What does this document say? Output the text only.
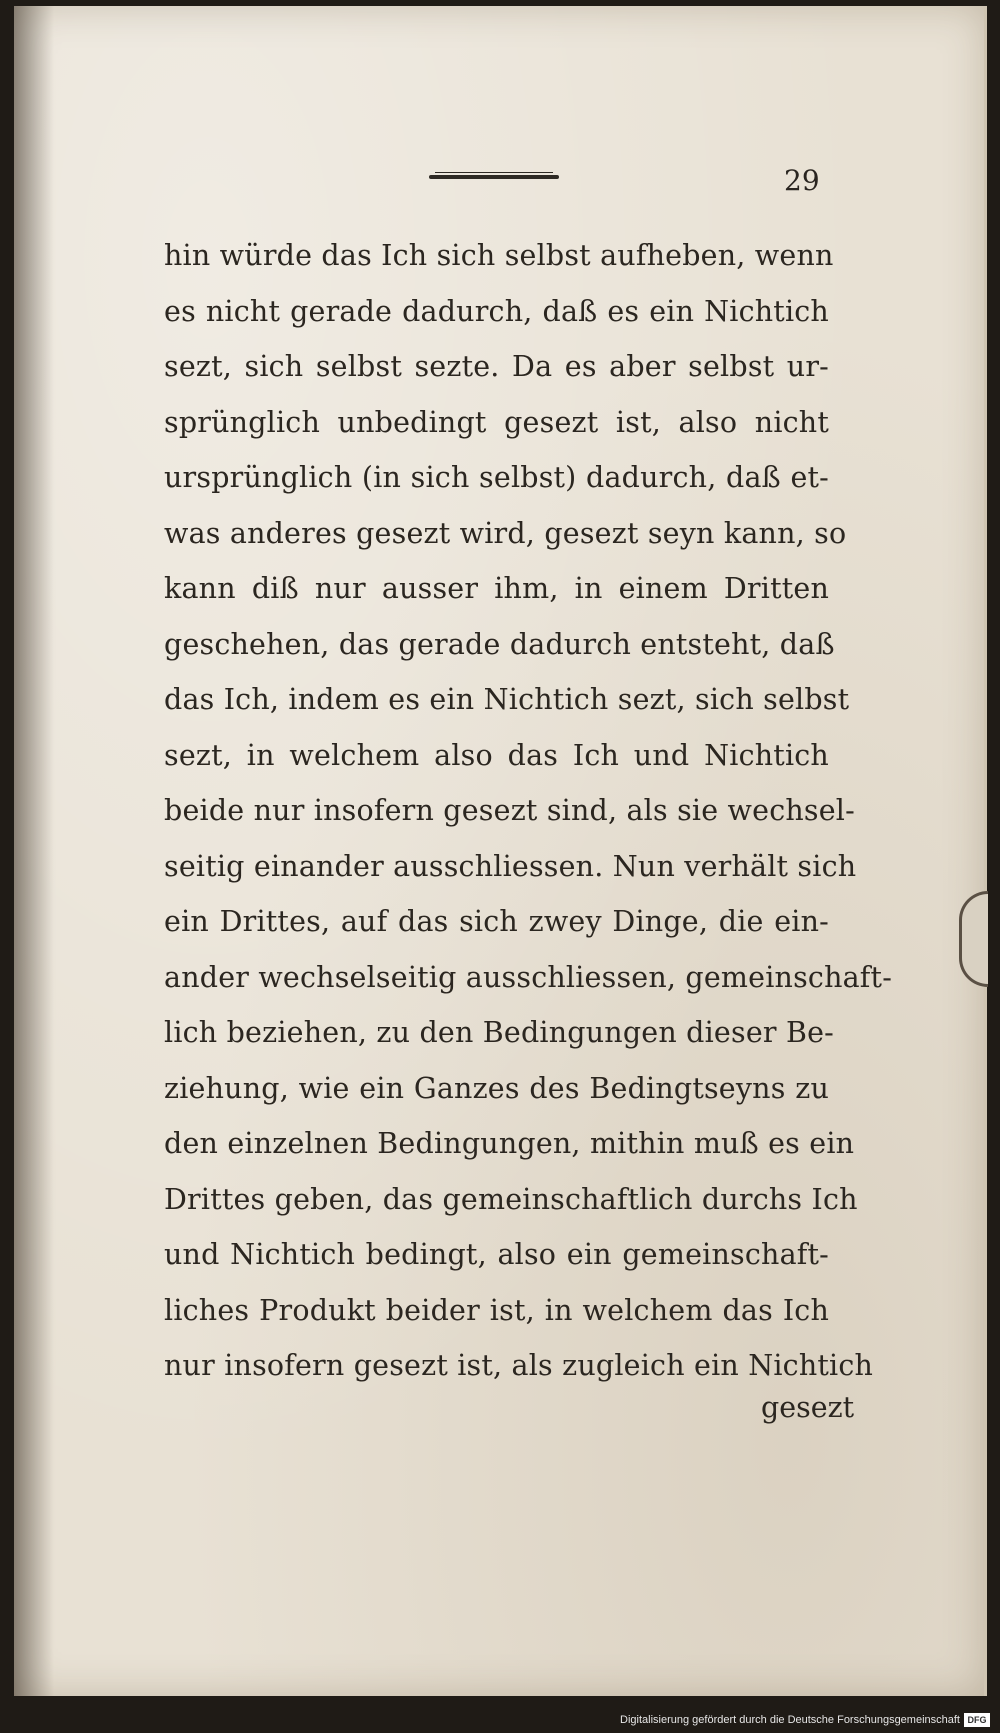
29
hin würde das Ich sich selbst aufheben, wenn
es nicht gerade dadurch, daß es ein Nichtich
sezt, sich selbst sezte. Da es aber selbst ur-
sprünglich unbedingt gesezt ist, also nicht
ursprünglich (in sich selbst) dadurch, daß et-
was anderes gesezt wird, gesezt seyn kann, so
kann diß nur ausser ihm, in einem Dritten
geschehen, das gerade dadurch entsteht, daß
das Ich, indem es ein Nichtich sezt, sich selbst
sezt, in welchem also das Ich und Nichtich
beide nur insofern gesezt sind, als sie wechsel-
seitig einander ausschliessen. Nun verhält sich
ein Drittes, auf das sich zwey Dinge, die ein-
ander wechselseitig ausschliessen, gemeinschaft-
lich beziehen, zu den Bedingungen dieser Be-
ziehung, wie ein Ganzes des Bedingtseyns zu
den einzelnen Bedingungen, mithin muß es ein
Drittes geben, das gemeinschaftlich durchs Ich
und Nichtich bedingt, also ein gemeinschaft-
liches Produkt beider ist, in welchem das Ich
nur insofern gesezt ist, als zugleich ein Nichtich
gesezt
Digitalisierung gefördert durch die Deutsche Forschungsgemeinschaft DFG
